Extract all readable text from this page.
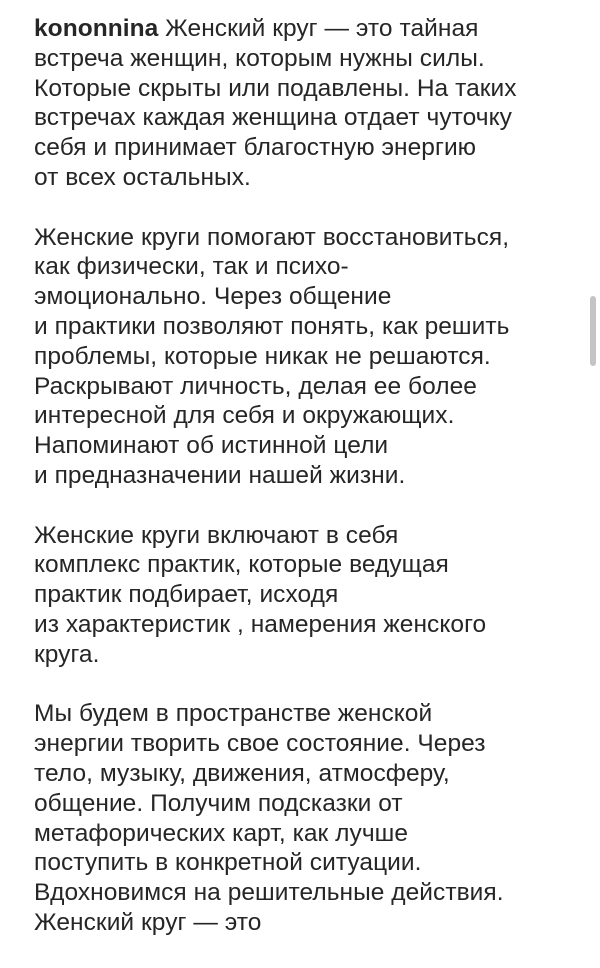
kononnina Женский круг — это тайная
встреча женщин, которым нужны силы.
Которые скрыты или подавлены. На таких
встречах каждая женщина отдает чуточку
себя и принимает благостную энергию
от всех остальных.
Женские круги помогают восстановиться,
как физически, так и психо-
эмоционально. Через общение
и практики позволяют понять, как решить
проблемы, которые никак не решаются.
Раскрывают личность, делая ее более
интересной для себя и окружающих.
Напоминают об истинной цели
и предназначении нашей жизни.
Женские круги включают в себя
комплекс практик, которые ведущая
практик подбирает, исходя
из характеристик , намерения женского
круга.
Мы будем в пространстве женской
энергии творить свое состояние. Через
тело, музыку, движения, атмосферу,
общение. Получим подсказки от
метафорических карт, как лучше
поступить в конкретной ситуации.
Вдохновимся на решительные действия.
Женский круг — это
